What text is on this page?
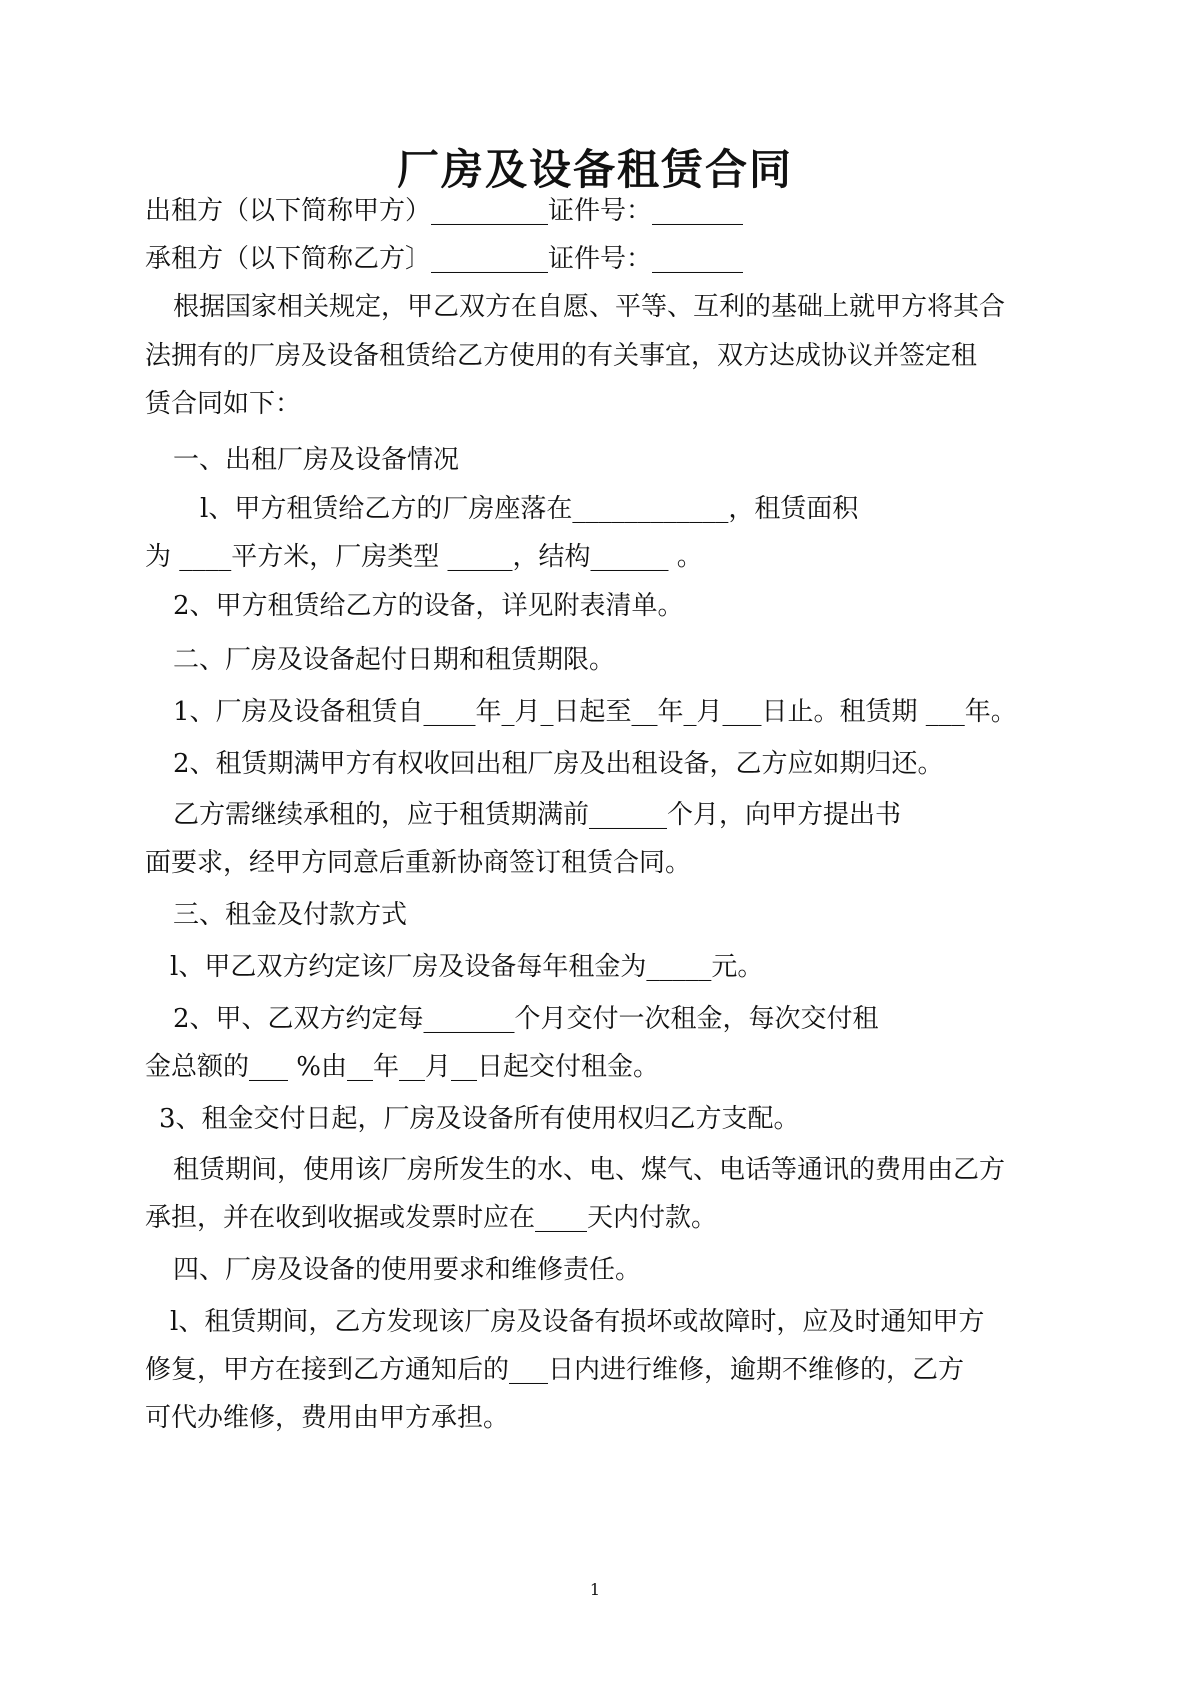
厂房及设备租赁合同
出租方（以下简称甲方）_________证件号：_______
承租方（以下简称乙方〕_________证件号：_______
根据国家相关规定，甲乙双方在自愿、平等、互利的基础上就甲方将其合
法拥有的厂房及设备租赁给乙方使用的有关事宜，双方达成协议并签定租
赁合同如下：
一、出租厂房及设备情况
l、甲方租赁给乙方的厂房座落在____________，租赁面积
为 ____平方米，厂房类型 _____，结构______ 。
2、甲方租赁给乙方的设备，详见附表清单。
二、厂房及设备起付日期和租赁期限。
1、厂房及设备租赁自____年_月_日起至__年_月___日止。租赁期 ___年。
2、租赁期满甲方有权收回出租厂房及出租设备，乙方应如期归还。
乙方需继续承租的，应于租赁期满前______个月，向甲方提出书
面要求，经甲方同意后重新协商签订租赁合同。
三、租金及付款方式
l、甲乙双方约定该厂房及设备每年租金为_____元。
2、甲、乙双方约定每_______个月交付一次租金，每次交付租
金总额的___ %由__年__月__日起交付租金。
3、租金交付日起，厂房及设备所有使用权归乙方支配。
租赁期间，使用该厂房所发生的水、电、煤气、电话等通讯的费用由乙方
承担，并在收到收据或发票时应在____天内付款。
四、厂房及设备的使用要求和维修责任。
l、租赁期间，乙方发现该厂房及设备有损坏或故障时，应及时通知甲方
修复，甲方在接到乙方通知后的___日内进行维修，逾期不维修的，乙方
可代办维修，费用由甲方承担。
1
